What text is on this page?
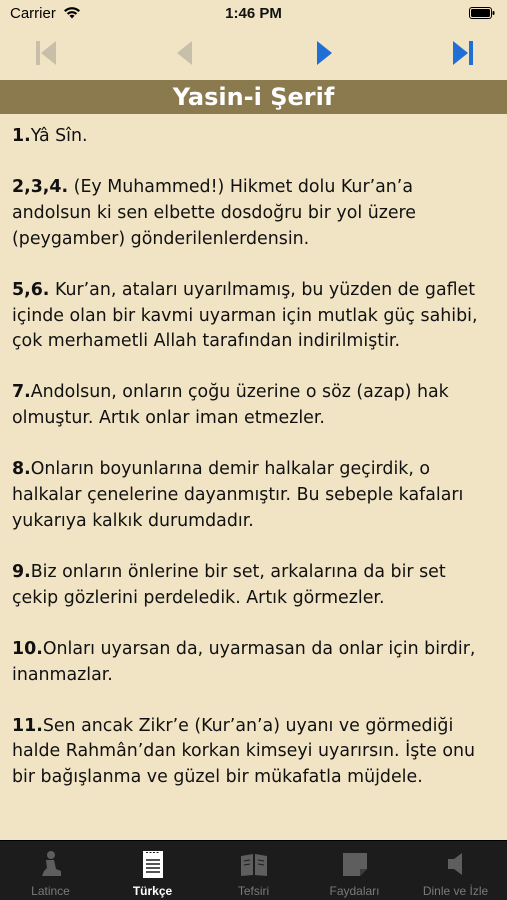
Carrier	1:46 PM
Yasin-i Şerif

1.Yâ Sîn.

2,3,4. (Ey Muhammed!) Hikmet dolu Kur’an’a andolsun ki sen elbette dosdoğru bir yol üzere (peygamber) gönderilenlerdensin.

5,6. Kur’an, ataları uyarılmamış, bu yüzden de gaflet içinde olan bir kavmi uyarman için mutlak güç sahibi, çok merhametli Allah tarafından indirilmiştir.

7.Andolsun, onların çoğu üzerine o söz (azap) hak olmuştur. Artık onlar iman etmezler.

8.Onların boyunlarına demir halkalar geçirdik, o halkalar çenelerine dayanmıştır. Bu sebeple kafaları yukarıya kalkık durumdadır.

9.Biz onların önlerine bir set, arkalarına da bir set çekip gözlerini perdeledik. Artık görmezler.

10.Onları uyarsan da, uyarmasan da onlar için birdir, inanmazlar.

11.Sen ancak Zikr’e (Kur’an’a) uyanı ve görmediği halde Rahmân’dan korkan kimseyi uyarırsın. İşte onu bir bağışlanma ve güzel bir mükafatla müjdele.

Latince	Türkçe	Tefsiri	Faydaları	Dinle ve İzle
